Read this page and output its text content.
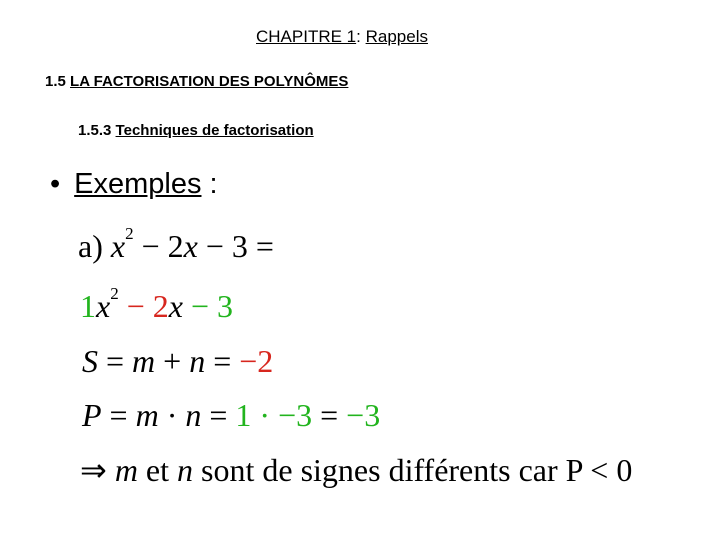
CHAPITRE 1: Rappels
1.5 LA FACTORISATION DES POLYNÔMES
1.5.3 Techniques de factorisation
• Exemples :
a) $x^2 - 2x - 3$ =
$1x^2 - 2x - 3$
S = m + n = −2
P = m · n = 1 · −3 = −3
⇒ m et n sont de signes différents car P < 0
